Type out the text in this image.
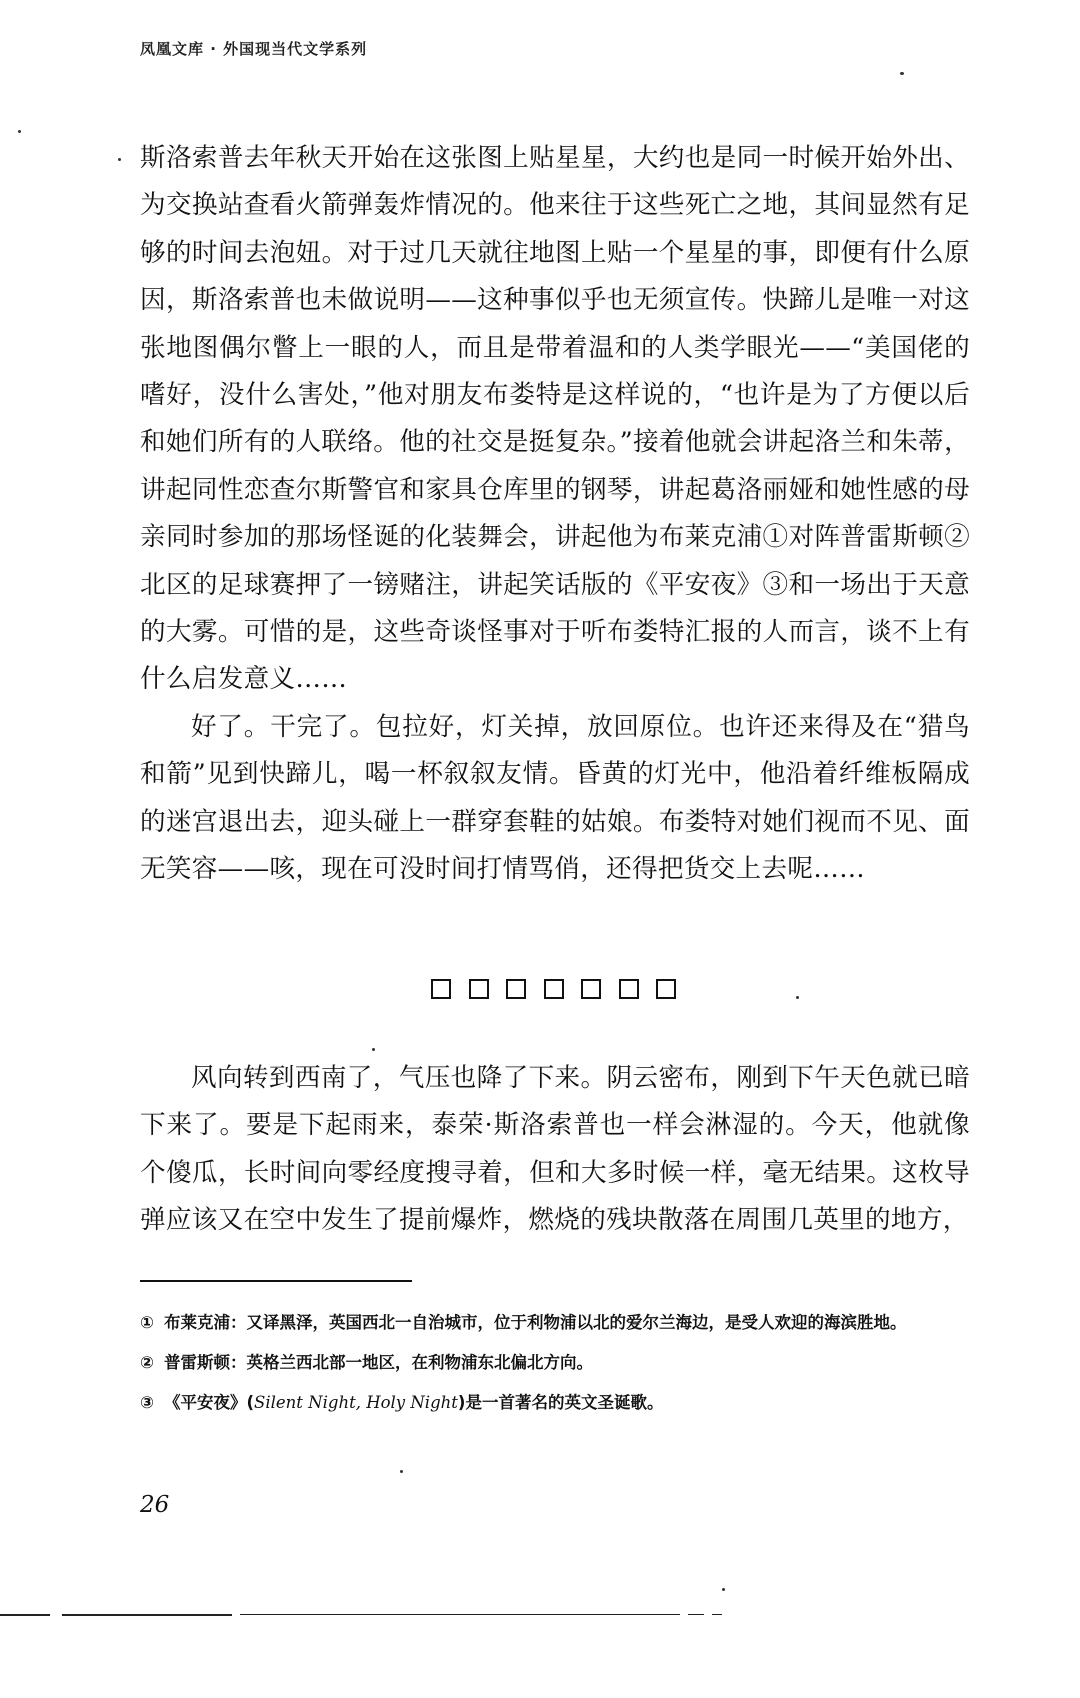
凤凰文库 · 外国现当代文学系列

斯洛索普去年秋天开始在这张图上贴星星，大约也是同一时候开始外出、为交换站查看火箭弹轰炸情况的。他来往于这些死亡之地，其间显然有足够的时间去泡妞。对于过几天就往地图上贴一个星星的事，即便有什么原因，斯洛索普也未做说明——这种事似乎也无须宣传。快蹄儿是唯一对这张地图偶尔瞥上一眼的人，而且是带着温和的人类学眼光——“美国佬的嗜好，没什么害处，”他对朋友布娄特是这样说的，“也许是为了方便以后和她们所有的人联络。他的社交是挺复杂。”接着他就会讲起洛兰和朱蒂，讲起同性恋查尔斯警官和家具仓库里的钢琴，讲起葛洛丽娅和她性感的母亲同时参加的那场怪诞的化装舞会，讲起他为布莱克浦①对阵普雷斯顿②北区的足球赛押了一镑赌注，讲起笑话版的《平安夜》③和一场出于天意的大雾。可惜的是，这些奇谈怪事对于听布娄特汇报的人而言，谈不上有什么启发意义……

好了。干完了。包拉好，灯关掉，放回原位。也许还来得及在“猎鸟和箭”见到快蹄儿，喝一杯叙叙友情。昏黄的灯光中，他沿着纤维板隔成的迷宫退出去，迎头碰上一群穿套鞋的姑娘。布娄特对她们视而不见、面无笑容——咳，现在可没时间打情骂俏，还得把货交上去呢……

风向转到西南了，气压也降了下来。阴云密布，刚到下午天色就已暗下来了。要是下起雨来，泰荣·斯洛索普也一样会淋湿的。今天，他就像个傻瓜，长时间向零经度搜寻着，但和大多时候一样，毫无结果。这枚导弹应该又在空中发生了提前爆炸，燃烧的残块散落在周围几英里的地方，

① 布莱克浦：又译黑泽，英国西北一自治城市，位于利物浦以北的爱尔兰海边，是受人欢迎的海滨胜地。
② 普雷斯顿：英格兰西北部一地区，在利物浦东北偏北方向。
③ 《平安夜》(Silent Night, Holy Night)是一首著名的英文圣诞歌。
26
